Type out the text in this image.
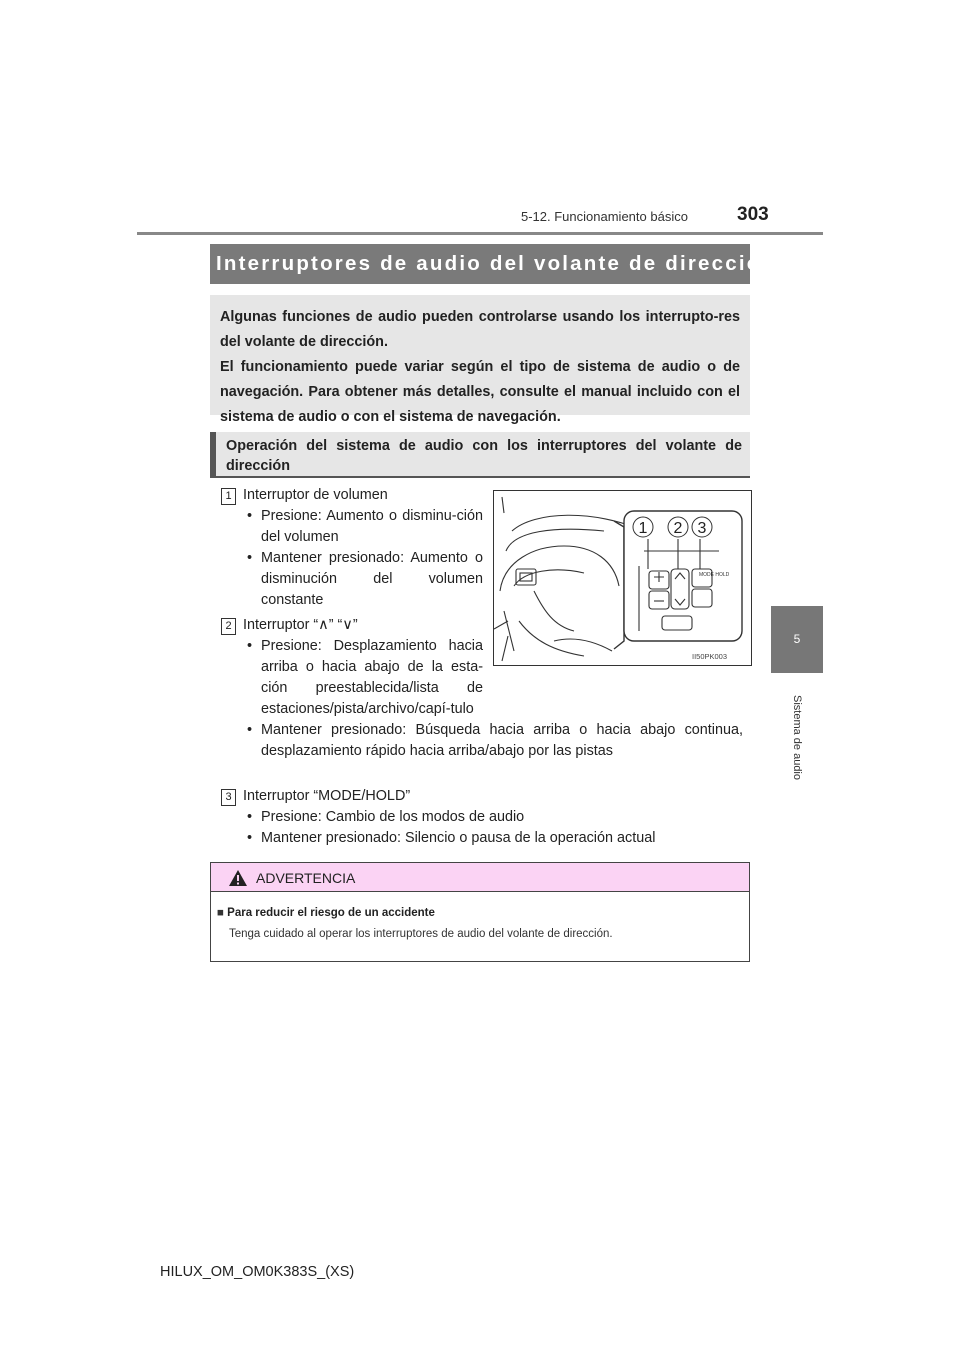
5-12. Funcionamiento básico	303
5
Sistema de audio
Interruptores de audio del volante de dirección

Algunas funciones de audio pueden controlarse usando los interrupto-res del volante de dirección.

El funcionamiento puede variar según el tipo de sistema de audio o de navegación. Para obtener más detalles, consulte el manual incluido con el sistema de audio o con el sistema de navegación.

Operación del sistema de audio con los interruptores del volante de dirección

1 Interruptor de volumen
• Presione: Aumento o disminu-ción del volumen
• Mantener presionado: Aumento o disminución del volumen constante
2 Interruptor “∧” “∨”
• Presione: Desplazamiento hacia arriba o hacia abajo de la esta-ción preestablecida/lista de estaciones/pista/archivo/capí-tulo
• Mantener presionado: Búsqueda hacia arriba o hacia abajo continua, desplazamiento rápido hacia arriba/abajo por las pistas
3 Interruptor “MODE/HOLD”
• Presione: Cambio de los modos de audio
• Mantener presionado: Silencio o pausa de la operación actual
MODE HOLD
1 2 3
II50PK003
ADVERTENCIA
■ Para reducir el riesgo de un accidente
Tenga cuidado al operar los interruptores de audio del volante de dirección.
HILUX_OM_OM0K383S_(XS)
